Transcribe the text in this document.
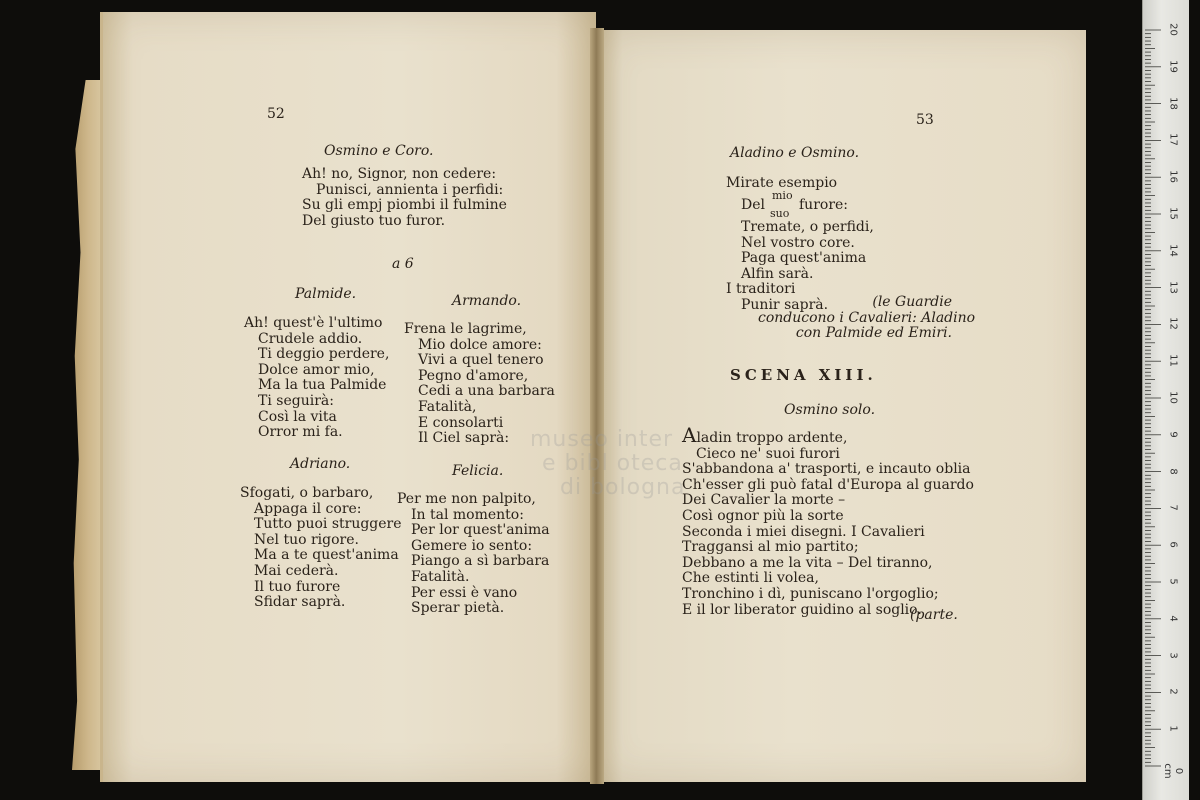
museo inter
e bibl oteca
di bologna
52
Osmino e Coro.
Ah! no, Signor, non cedere:
Punisci, annienta i perfidi:
Su gli empj piombi il fulmine
Del giusto tuo furor.
a 6
Palmide.
Ah! quest'è l'ultimo
Crudele addio.
Ti deggio perdere,
Dolce amor mio,
Ma la tua Palmide
Ti seguirà:
Così la vita
Orror mi fa.
Armando.
Frena le lagrime,
Mio dolce amore:
Vivi a quel tenero
Pegno d'amore,
Cedi a una barbara
Fatalità,
E consolarti
Il Ciel saprà:
Adriano.
Sfogati, o barbaro,
Appaga il core:
Tutto puoi struggere
Nel tuo rigore.
Ma a te quest'anima
Mai cederà.
Il tuo furore
Sfidar saprà.
Felicia.
Per me non palpito,
In tal momento:
Per lor quest'anima
Gemere io sento:
Piango a sì barbara
Fatalità.
Per essi è vano
Sperar pietà.
53
Aladino e Osmino.
Mirate esempio
Del
mio
suo
furore:
Tremate, o perfidi,
Nel vostro core.
Paga quest'anima
Alfin sarà.
I traditori
Punir saprà.	(le Guardie
conducono i Cavalieri: Aladino
con Palmide ed Emiri.
SCENA XIII.
Osmino solo.
Aladin troppo ardente,
Cieco ne' suoi furori
S'abbandona a' trasporti, e incauto oblia
Ch'esser gli può fatal d'Europa al guardo
Dei Cavalier la morte –
Così ognor più la sorte
Seconda i miei disegni. I Cavalieri
Traggansi al mio partito;
Debbano a me la vita – Del tiranno,
Che estinti li volea,
Tronchino i dì, puniscano l'orgoglio;
E il lor liberator guidino al soglio.
(parte.
20
19
18
17
16
15
14
13
12
11
10
9
8
7
6
5
4
3
2
1
0 cm
